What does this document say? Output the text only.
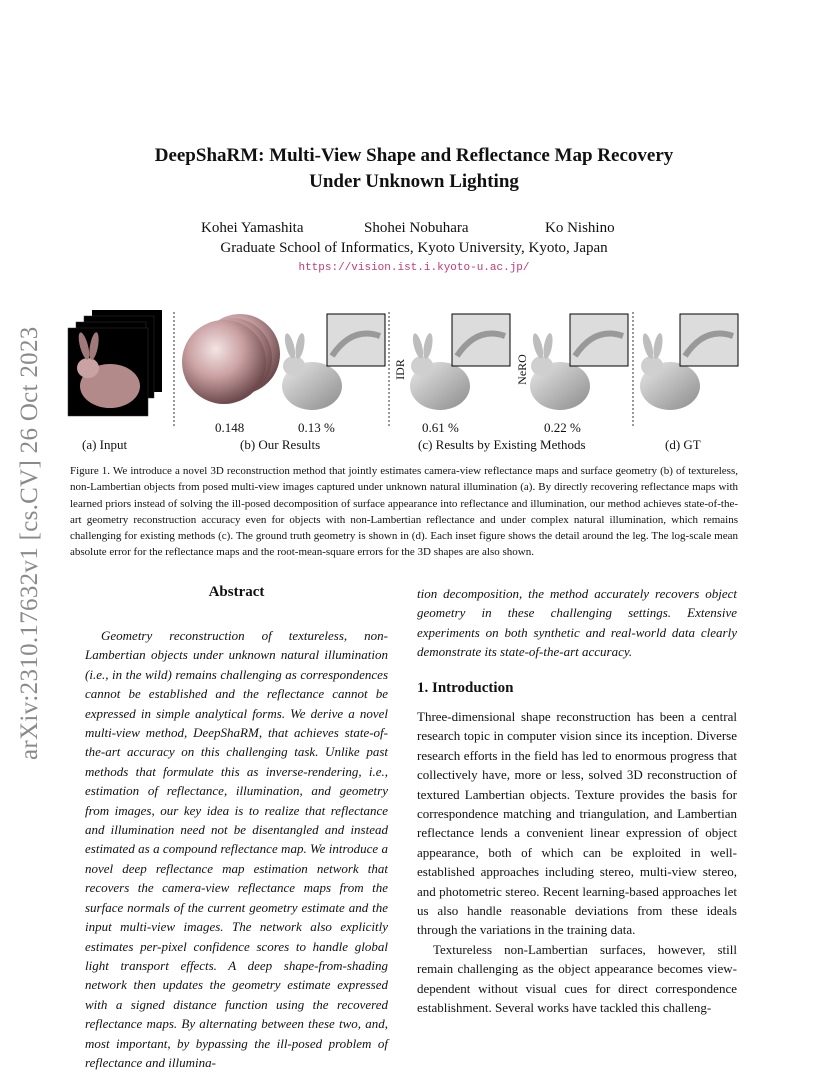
arXiv:2310.17632v1 [cs.CV] 26 Oct 2023
DeepShaRM: Multi-View Shape and Reflectance Map Recovery
Under Unknown Lighting
Kohei Yamashita	Shohei Nobuhara	Ko Nishino
Graduate School of Informatics, Kyoto University, Kyoto, Japan
https://vision.ist.i.kyoto-u.ac.jp/
IDR	NeRO
0.148	0.13 %	0.61 %	0.22 %
(a) Input	(b) Our Results	(c) Results by Existing Methods	(d) GT
Figure 1. We introduce a novel 3D reconstruction method that jointly estimates camera-view reflectance maps and surface geometry (b) of textureless, non-Lambertian objects from posed multi-view images captured under unknown natural illumination (a). By directly recovering reflectance maps with learned priors instead of solving the ill-posed decomposition of surface appearance into reflectance and illumination, our method achieves state-of-the-art geometry reconstruction accuracy even for objects with non-Lambertian reflectance and under complex natural illumination, which remains challenging for existing methods (c). The ground truth geometry is shown in (d). Each inset figure shows the detail around the leg. The log-scale mean absolute error for the reflectance maps and the root-mean-square errors for the 3D shapes are also shown.
Abstract

Geometry reconstruction of textureless, non-Lambertian objects under unknown natural illumination (i.e., in the wild) remains challenging as correspondences cannot be established and the reflectance cannot be expressed in simple analytical forms. We derive a novel multi-view method, DeepShaRM, that achieves state-of-the-art accuracy on this challenging task. Unlike past methods that formulate this as inverse-rendering, i.e., estimation of reflectance, illumination, and geometry from images, our key idea is to realize that reflectance and illumination need not be disentangled and instead estimated as a compound reflectance map. We introduce a novel deep reflectance map estimation network that recovers the camera-view reflectance maps from the surface normals of the current geometry estimate and the input multi-view images. The network also explicitly estimates per-pixel confidence scores to handle global light transport effects. A deep shape-from-shading network then updates the geometry estimate expressed with a signed distance function using the recovered reflectance maps. By alternating between these two, and, most important, by bypassing the ill-posed problem of reflectance and illumina-

tion decomposition, the method accurately recovers object geometry in these challenging settings. Extensive experiments on both synthetic and real-world data clearly demonstrate its state-of-the-art accuracy.

1. Introduction

Three-dimensional shape reconstruction has been a central research topic in computer vision since its inception. Diverse research efforts in the field has led to enormous progress that collectively have, more or less, solved 3D reconstruction of textured Lambertian objects. Texture provides the basis for correspondence matching and triangulation, and Lambertian reflectance lends a convenient linear expression of object appearance, both of which can be exploited in well-established approaches including stereo, multi-view stereo, and photometric stereo. Recent learning-based approaches let us also handle reasonable deviations from these ideals through the variations in the training data.

Textureless non-Lambertian surfaces, however, still remain challenging as the object appearance becomes view-dependent without visual cues for direct correspondence establishment. Several works have tackled this challeng-
